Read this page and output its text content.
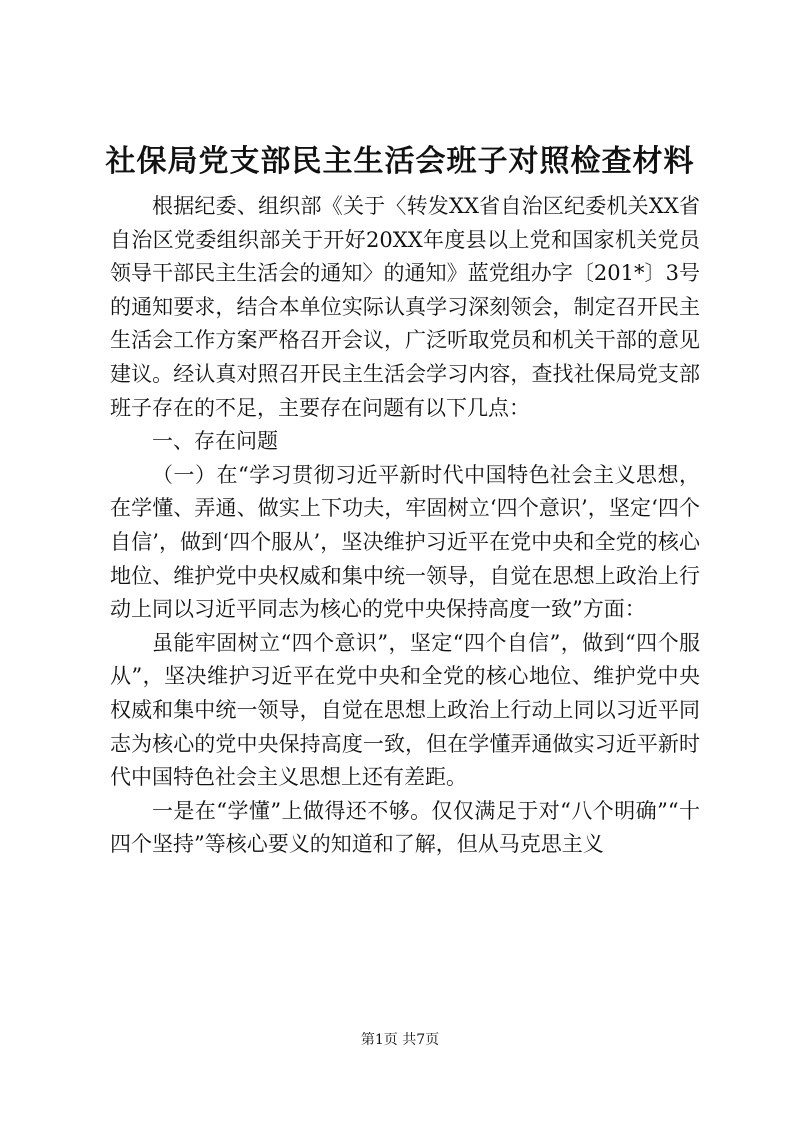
社保局党支部民主生活会班子对照检查材料

根据纪委、组织部《关于〈转发XX省自治区纪委机关XX省自治区党委组织部关于开好20XX年度县以上党和国家机关党员领导干部民主生活会的通知〉的通知》蓝党组办字〔201*〕3号的通知要求，结合本单位实际认真学习深刻领会，制定召开民主生活会工作方案严格召开会议，广泛听取党员和机关干部的意见建议。经认真对照召开民主生活会学习内容，查找社保局党支部班子存在的不足，主要存在问题有以下几点：

一、存在问题

（一）在“学习贯彻习近平新时代中国特色社会主义思想，在学懂、弄通、做实上下功夫，牢固树立‘四个意识’，坚定‘四个自信’，做到‘四个服从’，坚决维护习近平在党中央和全党的核心地位、维护党中央权威和集中统一领导，自觉在思想上政治上行动上同以习近平同志为核心的党中央保持高度一致”方面：

虽能牢固树立“四个意识”，坚定“四个自信”，做到“四个服从”，坚决维护习近平在党中央和全党的核心地位、维护党中央权威和集中统一领导，自觉在思想上政治上行动上同以习近平同志为核心的党中央保持高度一致，但在学懂弄通做实习近平新时代中国特色社会主义思想上还有差距。

一是在“学懂”上做得还不够。仅仅满足于对“八个明确”“十四个坚持”等核心要义的知道和了解，但从马克思主义

第1页 共7页
